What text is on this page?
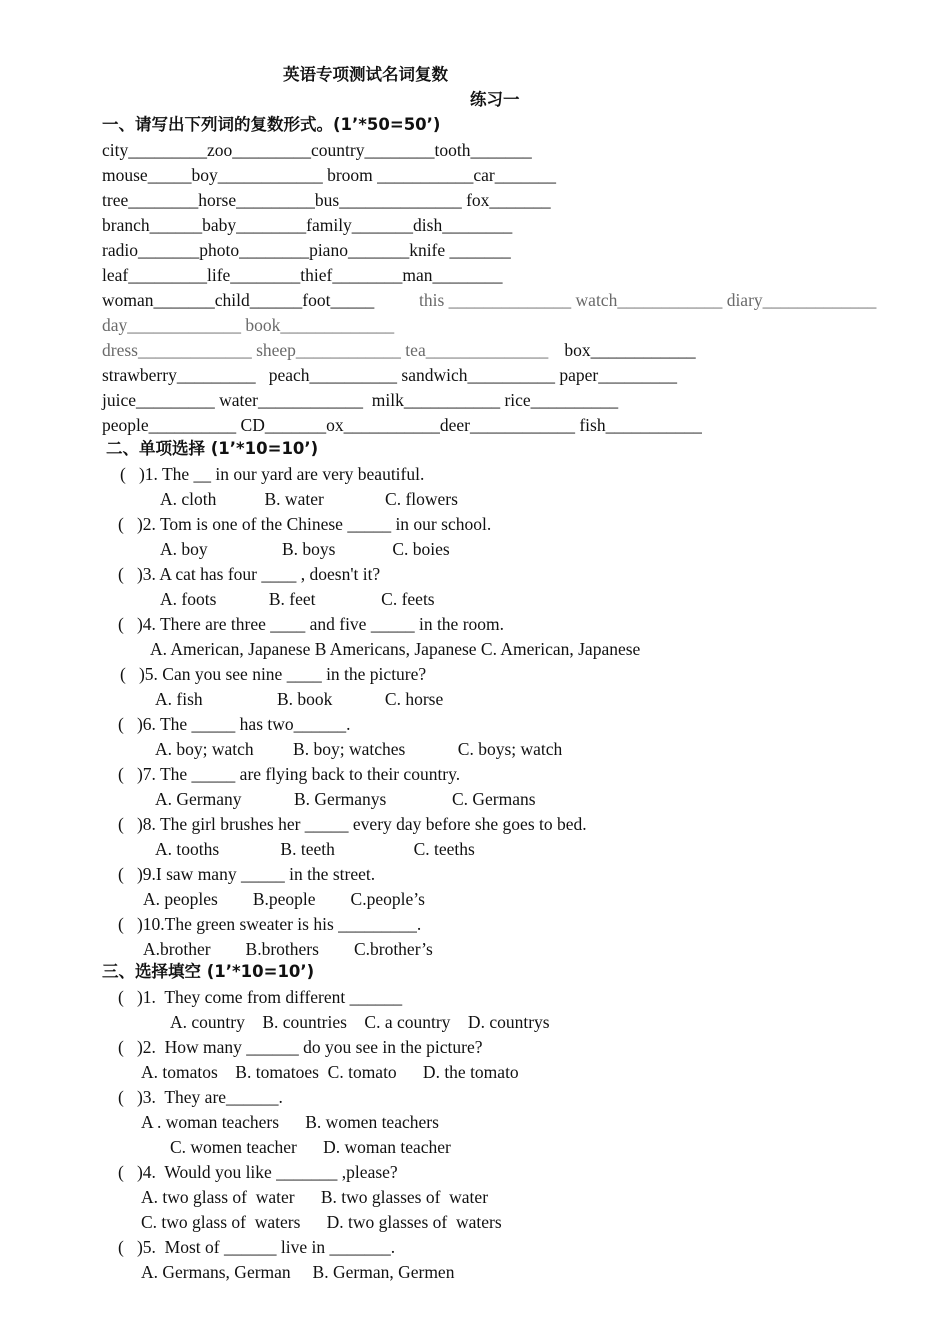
英语专项测试名词复数
练习一
一、请写出下列词的复数形式。(1’*50=50’)
city_________zoo_________country________tooth_______
mouse_____boy____________ broom ___________car_______
tree________horse_________bus______________ fox_______
branch______baby________family_______dish________
radio_______photo________piano_______knife _______
leaf_________life________thief________man________
woman_______child______foot_____	this ______________ watch____________ diary_____________
day_____________ book_____________
dress_____________ sheep____________ tea______________ box____________
strawberry_________   peach__________ sandwich__________ paper_________
juice_________ water____________  milk___________ rice__________
people__________ CD_______ox___________deer____________ fish___________
二、单项选择 (1’*10=10’)
(   )1. The __ in our yard are very beautiful.
A. cloth           B. water              C. flowers
(   )2. Tom is one of the Chinese _____ in our school.
A. boy                 B. boys             C. boies
(   )3. A cat has four ____ , doesn't it?
A. foots            B. feet               C. feets
(   )4. There are three ____ and five _____ in the room.
A. American, Japanese B Americans, Japanese C. American, Japanese
(   )5. Can you see nine ____ in the picture?
A. fish                 B. book            C. horse
(   )6. The _____ has two______.
A. boy; watch         B. boy; watches            C. boys; watch
(   )7. The _____ are flying back to their country.
A. Germany            B. Germanys               C. Germans
(   )8. The girl brushes her _____ every day before she goes to bed.
A. tooths              B. teeth                  C. teeths
(   )9.I saw many _____ in the street.
A. peoples        B.people        C.people’s
(   )10.The green sweater is his _________.
A.brother        B.brothers        C.brother’s
三、选择填空 (1’*10=10’)
(   )1.  They come from different ______
A. country    B. countries    C. a country    D. countrys
(   )2.  How many ______ do you see in the picture?
A. tomatos    B. tomatoes  C. tomato      D. the tomato
(   )3.  They are______.
A . woman teachers      B. women teachers
C. women teacher      D. woman teacher
(   )4.  Would you like _______ ,please?
A. two glass of  water      B. two glasses of  water
C. two glass of  waters      D. two glasses of  waters
(   )5.  Most of ______ live in _______.
A. Germans, German     B. German, Germen
